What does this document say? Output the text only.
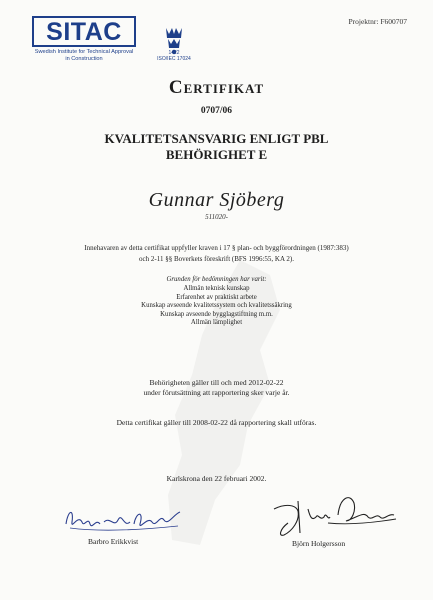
SITAC
Swedish Institute for Technical Approval in Construction
1422
ISO/IEC 17024
Projektnr: F600707
Certifikat
0707/06
KVALITETSANSVARIG ENLIGT PBL
BEHÖRIGHET E
Gunnar Sjöberg
511020-
Innehavaren av detta certifikat uppfyller kraven i 17 § plan- och byggförordningen (1987:383)
och 2-11 §§ Boverkets föreskrift (BFS 1996:55, KA 2).
Grunden för bedömningen har varit:
Allmän teknisk kunskap
Erfarenhet av praktiskt arbete
Kunskap avseende kvalitetssystem och kvalitetssäkring
Kunskap avseende bygglagstiftning m.m.
Allmän lämplighet
Behörigheten gäller till och med 2012-02-22
under förutsättning att rapportering sker varje år.
Detta certifikat gäller till 2008-02-22 då rapportering skall utföras.
Karlskrona den 22 februari 2002.
Barbro Erikkvist	Björn Holgersson
